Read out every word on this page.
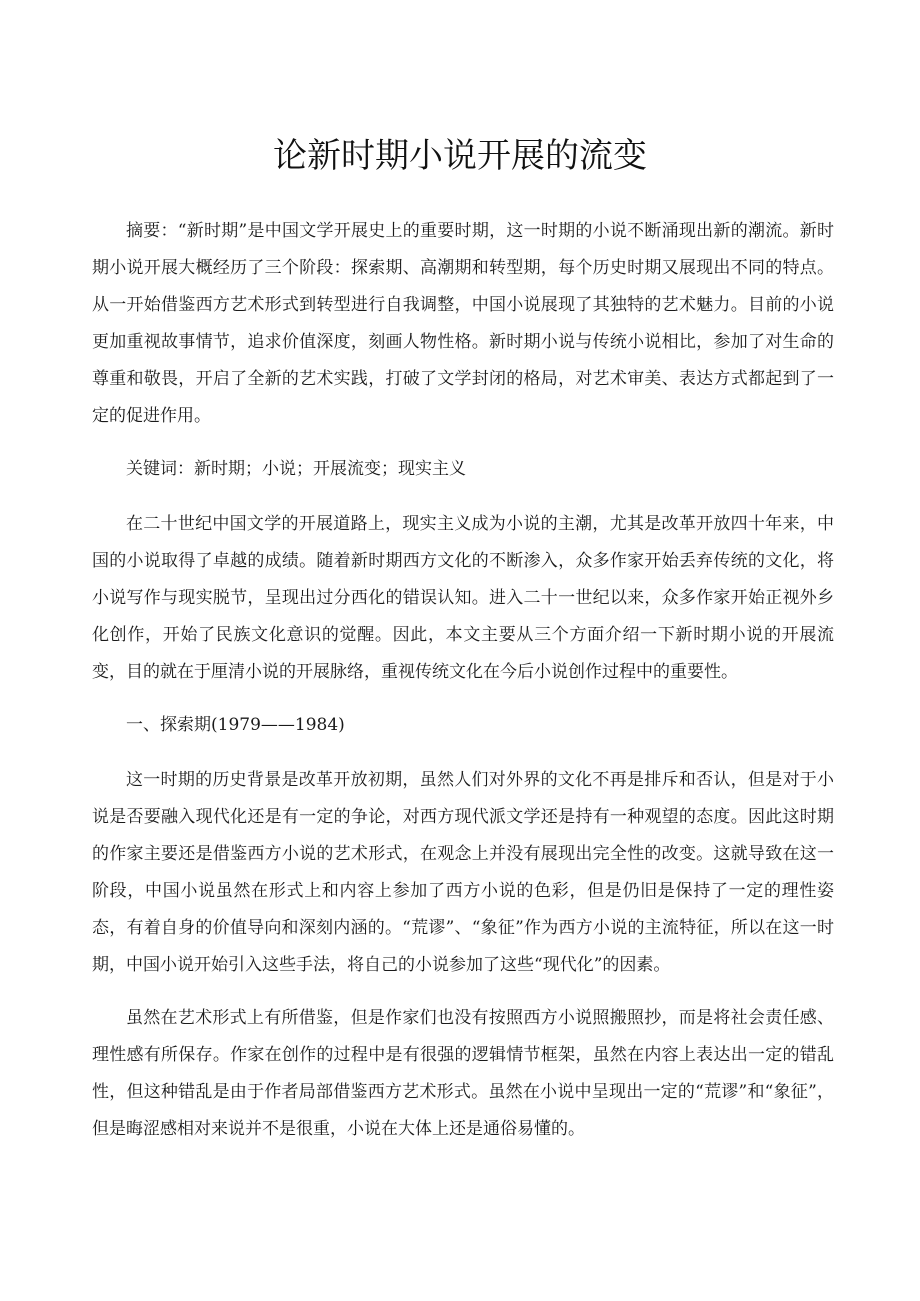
论新时期小说开展的流变

摘要：“新时期”是中国文学开展史上的重要时期，这一时期的小说不断涌现出新的潮流。新时期小说开展大概经历了三个阶段：探索期、高潮期和转型期，每个历史时期又展现出不同的特点。从一开始借鉴西方艺术形式到转型进行自我调整，中国小说展现了其独特的艺术魅力。目前的小说更加重视故事情节，追求价值深度，刻画人物性格。新时期小说与传统小说相比，参加了对生命的尊重和敬畏，开启了全新的艺术实践，打破了文学封闭的格局，对艺术审美、表达方式都起到了一定的促进作用。

关键词：新时期；小说；开展流变；现实主义

在二十世纪中国文学的开展道路上，现实主义成为小说的主潮，尤其是改革开放四十年来，中国的小说取得了卓越的成绩。随着新时期西方文化的不断渗入，众多作家开始丢弃传统的文化，将小说写作与现实脱节，呈现出过分西化的错误认知。进入二十一世纪以来，众多作家开始正视外乡化创作，开始了民族文化意识的觉醒。因此，本文主要从三个方面介绍一下新时期小说的开展流变，目的就在于厘清小说的开展脉络，重视传统文化在今后小说创作过程中的重要性。

一、探索期(1979——1984)

这一时期的历史背景是改革开放初期，虽然人们对外界的文化不再是排斥和否认，但是对于小说是否要融入现代化还是有一定的争论，对西方现代派文学还是持有一种观望的态度。因此这时期的作家主要还是借鉴西方小说的艺术形式，在观念上并没有展现出完全性的改变。这就导致在这一阶段，中国小说虽然在形式上和内容上参加了西方小说的色彩，但是仍旧是保持了一定的理性姿态，有着自身的价值导向和深刻内涵的。“荒谬”、“象征”作为西方小说的主流特征，所以在这一时期，中国小说开始引入这些手法，将自己的小说参加了这些“现代化”的因素。

虽然在艺术形式上有所借鉴，但是作家们也没有按照西方小说照搬照抄，而是将社会责任感、理性感有所保存。作家在创作的过程中是有很强的逻辑情节框架，虽然在内容上表达出一定的错乱性，但这种错乱是由于作者局部借鉴西方艺术形式。虽然在小说中呈现出一定的“荒谬”和“象征”，但是晦涩感相对来说并不是很重，小说在大体上还是通俗易懂的。
